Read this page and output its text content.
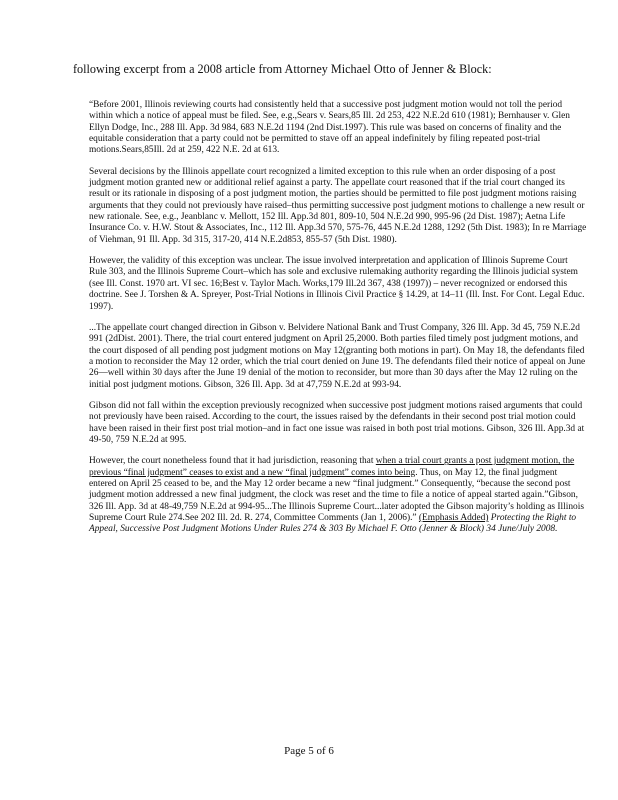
following excerpt from a 2008 article from Attorney Michael Otto of Jenner & Block:

“Before 2001, Illinois reviewing courts had consistently held that a successive post judgment motion would not toll the period within which a notice of appeal must be filed. See, e.g.,Sears v. Sears,85 Ill. 2d 253, 422 N.E.2d 610 (1981); Bernhauser v. Glen Ellyn Dodge, Inc., 288 Ill. App. 3d 984, 683 N.E.2d 1194 (2nd Dist.1997). This rule was based on concerns of finality and the equitable consideration that a party could not be permitted to stave off an appeal indefinitely by filing repeated post-trial motions.Sears,85Ill. 2d at 259, 422 N.E. 2d at 613.

Several decisions by the Illinois appellate court recognized a limited exception to this rule when an order disposing of a post judgment motion granted new or additional relief against a party. The appellate court reasoned that if the trial court changed its result or its rationale in disposing of a post judgment motion, the parties should be permitted to file post judgment motions raising arguments that they could not previously have raised–thus permitting successive post judgment motions to challenge a new result or new rationale. See, e.g., Jeanblanc v. Mellott, 152 Ill. App.3d 801, 809-10, 504 N.E.2d 990, 995-96 (2d Dist. 1987); Aetna Life Insurance Co. v. H.W. Stout & Associates, Inc., 112 Ill. App.3d 570, 575-76, 445 N.E.2d 1288, 1292 (5th Dist. 1983); In re Marriage of Viehman, 91 Ill. App. 3d 315, 317-20, 414 N.E.2d853, 855-57 (5th Dist. 1980).

However, the validity of this exception was unclear. The issue involved interpretation and application of Illinois Supreme Court Rule 303, and the Illinois Supreme Court–which has sole and exclusive rulemaking authority regarding the Illinois judicial system (see Ill. Const. 1970 art. VI sec. 16;Best v. Taylor Mach. Works,179 Ill.2d 367, 438 (1997)) – never recognized or endorsed this doctrine. See J. Torshen & A. Spreyer, Post-Trial Notions in Illinois Civil Practice § 14.29, at 14–11 (Ill. Inst. For Cont. Legal Educ. 1997).

...The appellate court changed direction in Gibson v. Belvidere National Bank and Trust Company, 326 Ill. App. 3d 45, 759 N.E.2d 991 (2dDist. 2001). There, the trial court entered judgment on April 25,2000. Both parties filed timely post judgment motions, and the court disposed of all pending post judgment motions on May 12(granting both motions in part). On May 18, the defendants filed a motion to reconsider the May 12 order, which the trial court denied on June 19. The defendants filed their notice of appeal on June 26—well within 30 days after the June 19 denial of the motion to reconsider, but more than 30 days after the May 12 ruling on the initial post judgment motions. Gibson, 326 Ill. App. 3d at 47,759 N.E.2d at 993-94.

Gibson did not fall within the exception previously recognized when successive post judgment motions raised arguments that could not previously have been raised. According to the court, the issues raised by the defendants in their second post trial motion could have been raised in their first post trial motion–and in fact one issue was raised in both post trial motions. Gibson, 326 Ill. App.3d at 49-50, 759 N.E.2d at 995.

However, the court nonetheless found that it had jurisdiction, reasoning that when a trial court grants a post judgment motion, the previous “final judgment” ceases to exist and a new “final judgment” comes into being. Thus, on May 12, the final judgment entered on April 25 ceased to be, and the May 12 order became a new “final judgment.” Consequently, “because the second post judgment motion addressed a new final judgment, the clock was reset and the time to file a notice of appeal started again.”Gibson, 326 Ill. App. 3d at 48-49,759 N.E.2d at 994-95...The Illinois Supreme Court...later adopted the Gibson majority’s holding as Illinois Supreme Court Rule 274.See 202 Ill. 2d. R. 274, Committee Comments (Jan 1, 2006).” (Emphasis Added) Protecting the Right to Appeal, Successive Post Judgment Motions Under Rules 274 & 303 By Michael F. Otto (Jenner & Block) 34 June/July 2008.

Page 5 of 6
